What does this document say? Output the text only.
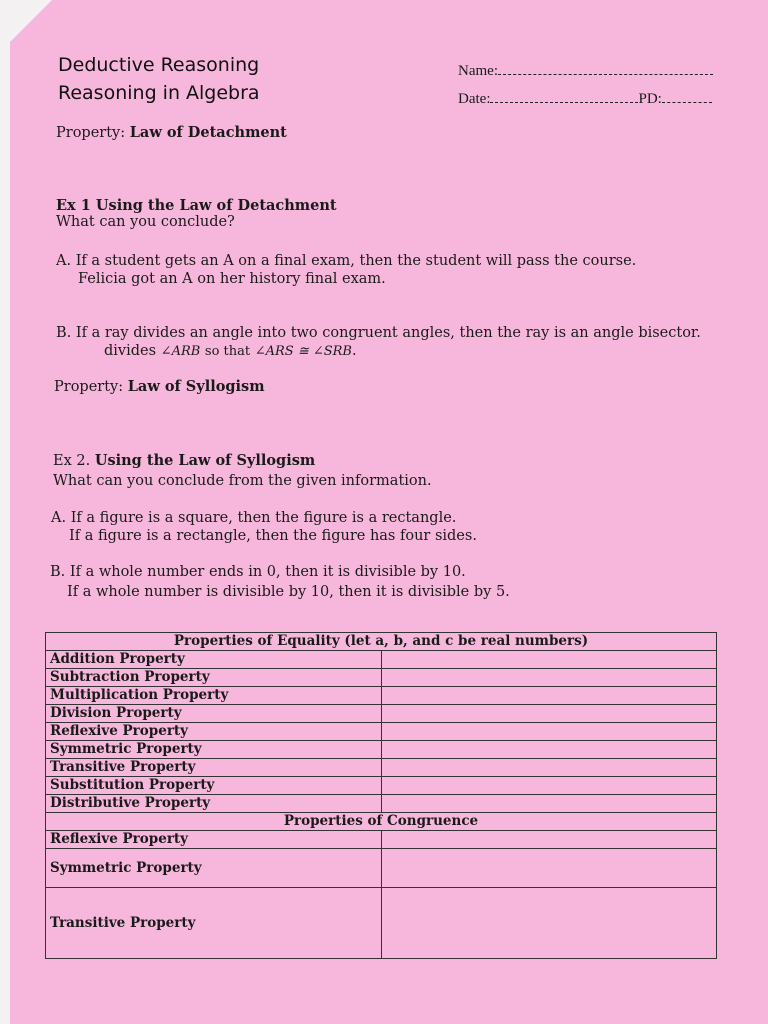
Deductive Reasoning
Reasoning in Algebra
Name:
Date:	PD:
Property: Law of Detachment
Ex 1 Using the Law of Detachment
What can you conclude?
A. If a student gets an A on a final exam, then the student will pass the course.
Felicia got an A on her history final exam.
B. If a ray divides an angle into two congruent angles, then the ray is an angle bisector.
divides ∠ARB so that ∠ARS ≅ ∠SRB.
Property: Law of Syllogism
Ex 2. Using the Law of Syllogism
What can you conclude from the given information.
A. If a figure is a square, then the figure is a rectangle.
If a figure is a rectangle, then the figure has four sides.
B. If a whole number ends in 0, then it is divisible by 10.
If a whole number is divisible by 10, then it is divisible by 5.
Properties of Equality (let a, b, and c be real numbers)	
Addition Property	
Subtraction Property	
Multiplication Property	
Division Property	
Reflexive Property	
Symmetric Property	
Transitive Property	
Substitution Property	
Distributive Property	
Properties of Congruence	
Reflexive Property	
Symmetric Property	
Transitive Property	
